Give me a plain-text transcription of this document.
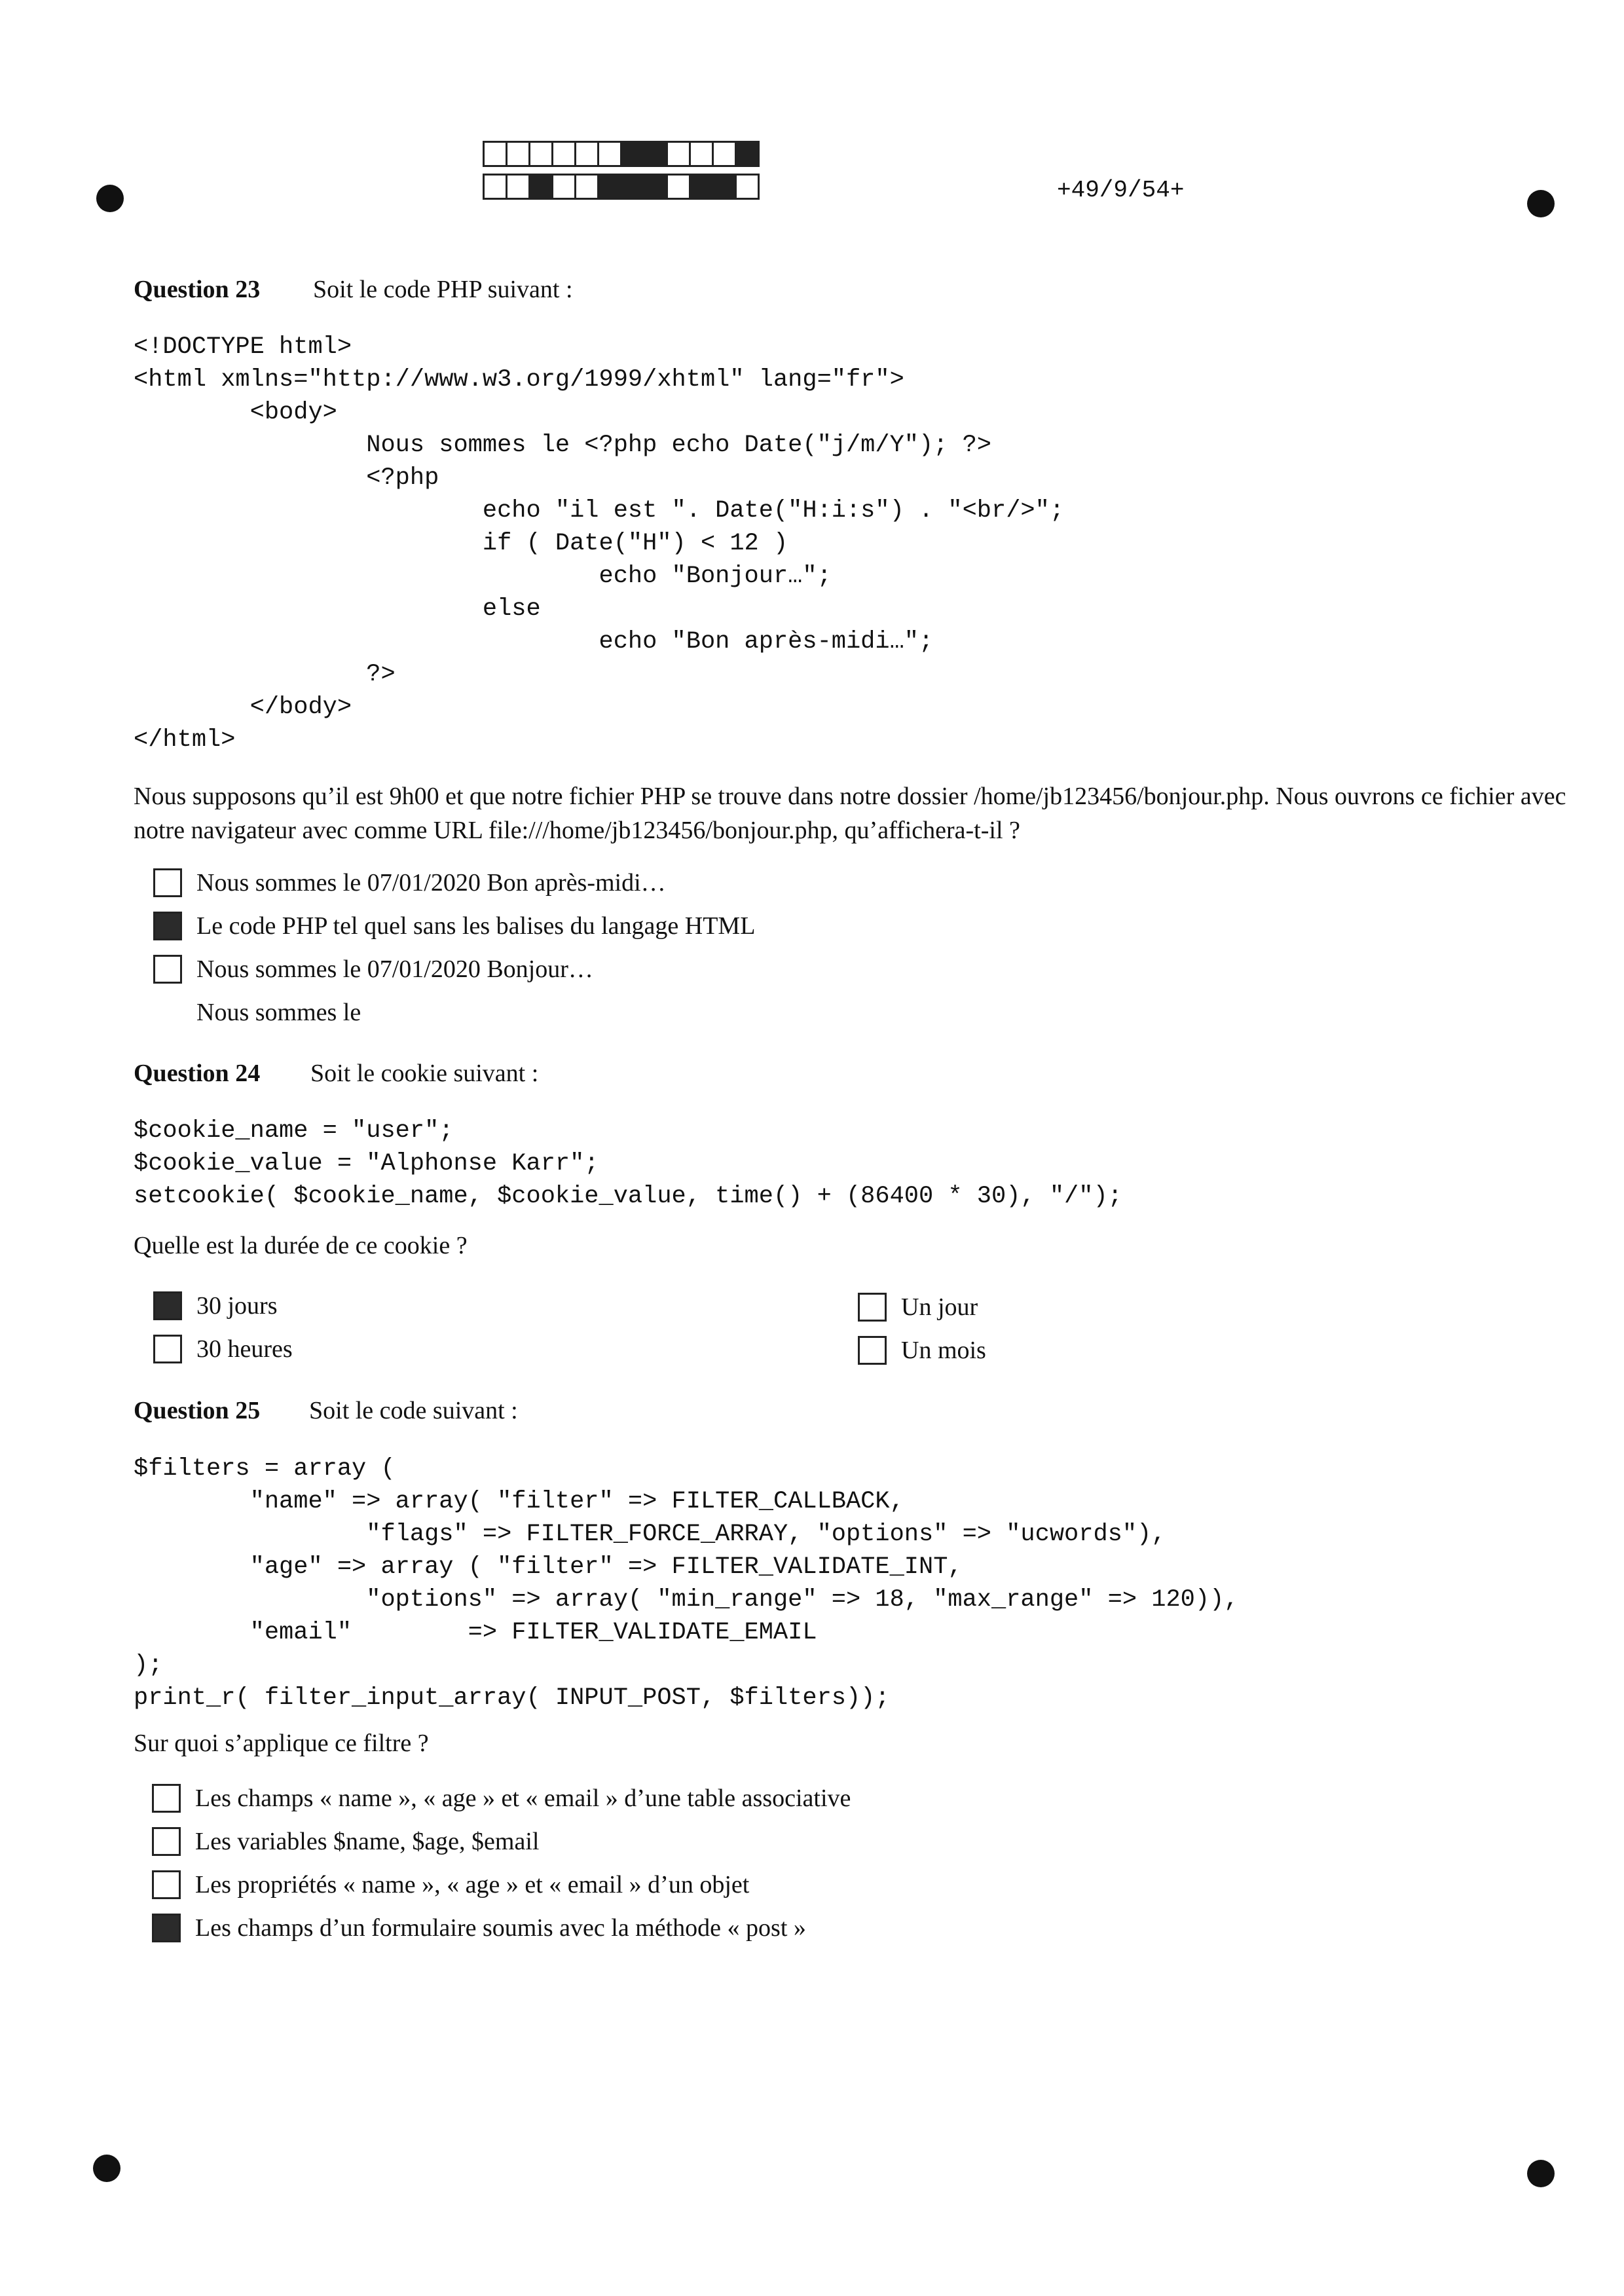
+49/9/54+
Question 23 Soit le code PHP suivant :
<!DOCTYPE html>
<html xmlns="http://www.w3.org/1999/xhtml" lang="fr">
<body>
Nous sommes le <?php echo Date("j/m/Y"); ?>
<?php
echo "il est ". Date("H:i:s") . "<br/>";
if ( Date("H") < 12 )
echo "Bonjour…";
else
echo "Bon après-midi…";
?>
</body>
</html>
Nous supposons qu’il est 9h00 et que notre fichier PHP se trouve dans notre dossier /home/jb123456/bonjour.php. Nous ouvrons ce fichier avec notre navigateur avec comme URL file:///home/jb123456/bonjour.php, qu’affichera-t-il ?
Nous sommes le 07/01/2020 Bon après-midi…
Le code PHP tel quel sans les balises du langage HTML
Nous sommes le 07/01/2020 Bonjour…
Nous sommes le
Question 24 Soit le cookie suivant :
$cookie_name = "user";
$cookie_value = "Alphonse Karr";
setcookie( $cookie_name, $cookie_value, time() + (86400 * 30), "/");
Quelle est la durée de ce cookie ?
30 jours
30 heures
Un jour
Un mois
Question 25 Soit le code suivant :
$filters = array (
"name" => array( "filter" => FILTER_CALLBACK,
"flags" => FILTER_FORCE_ARRAY, "options" => "ucwords"),
"age" => array ( "filter" => FILTER_VALIDATE_INT,
"options" => array( "min_range" => 18, "max_range" => 120)),
"email"        => FILTER_VALIDATE_EMAIL
);
print_r( filter_input_array( INPUT_POST, $filters));
Sur quoi s’applique ce filtre ?
Les champs « name », « age » et « email » d’une table associative
Les variables $name, $age, $email
Les propriétés « name », « age » et « email » d’un objet
Les champs d’un formulaire soumis avec la méthode « post »
